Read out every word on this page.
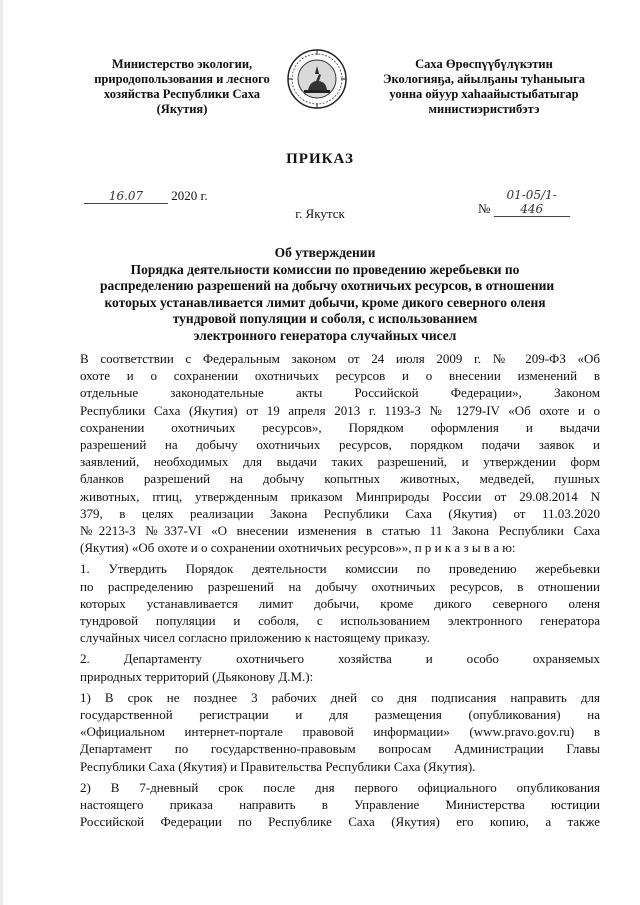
Министерство экологии,
природопользования и лесного
хозяйства Республики Саха
(Якутия)
Саха Өрөспүүбүлүкэтин
Экологияҕа, айылҕаны туһаныыга
уонна ойуур хаһаайыстыбатыгар
министиэристибэтэ
ПРИКАЗ
16.07 2020 г.
№ 01-05/1-446
г. Якутск
Об утверждении
Порядка деятельности комиссии по проведению жеребьевки по
распределению разрешений на добычу охотничьих ресурсов, в отношении
которых устанавливается лимит добычи, кроме дикого северного оленя
тундровой популяции и соболя, с использованием
электронного генератора случайных чисел
В соответствии с Федеральным законом от 24 июля 2009 г. № 209-ФЗ «Об
охоте и о сохранении охотничьих ресурсов и о внесении изменений в
отдельные законодательные акты Российской Федерации», Законом
Республики Саха (Якутия) от 19 апреля 2013 г. 1193-З № 1279-IV «Об охоте и о
сохранении охотничьих ресурсов», Порядком оформления и выдачи
разрешений на добычу охотничьих ресурсов, порядком подачи заявок и
заявлений, необходимых для выдачи таких разрешений, и утверждении форм
бланков разрешений на добычу копытных животных, медведей, пушных
животных, птиц, утвержденным приказом Минприроды России от 29.08.2014 N
379, в целях реализации Закона Республики Саха (Якутия) от 11.03.2020
№2213-З №337-VI «О внесении изменения в статью 11 Закона Республики Саха
(Якутия) «Об охоте и о сохранении охотничьих ресурсов»», п р и к а з ы в а ю:
1. Утвердить Порядок деятельности комиссии по проведению жеребьевки
по распределению разрешений на добычу охотничьих ресурсов, в отношении
которых устанавливается лимит добычи, кроме дикого северного оленя
тундровой популяции и соболя, с использованием электронного генератора
случайных чисел согласно приложению к настоящему приказу.
2. Департаменту охотничьего хозяйства и особо охраняемых
природных территорий (Дьяконову Д.М.):
1) В срок не позднее 3 рабочих дней со дня подписания направить для
государственной регистрации и для размещения (опубликования) на
«Официальном интернет-портале правовой информации» (www.pravo.gov.ru) в
Департамент по государственно-правовым вопросам Администрации Главы
Республики Саха (Якутия) и Правительства Республики Саха (Якутия).
2) В 7-дневный срок после дня первого официального опубликования
настоящего приказа направить в Управление Министерства юстиции
Российской Федерации по Республике Саха (Якутия) его копию, а также
